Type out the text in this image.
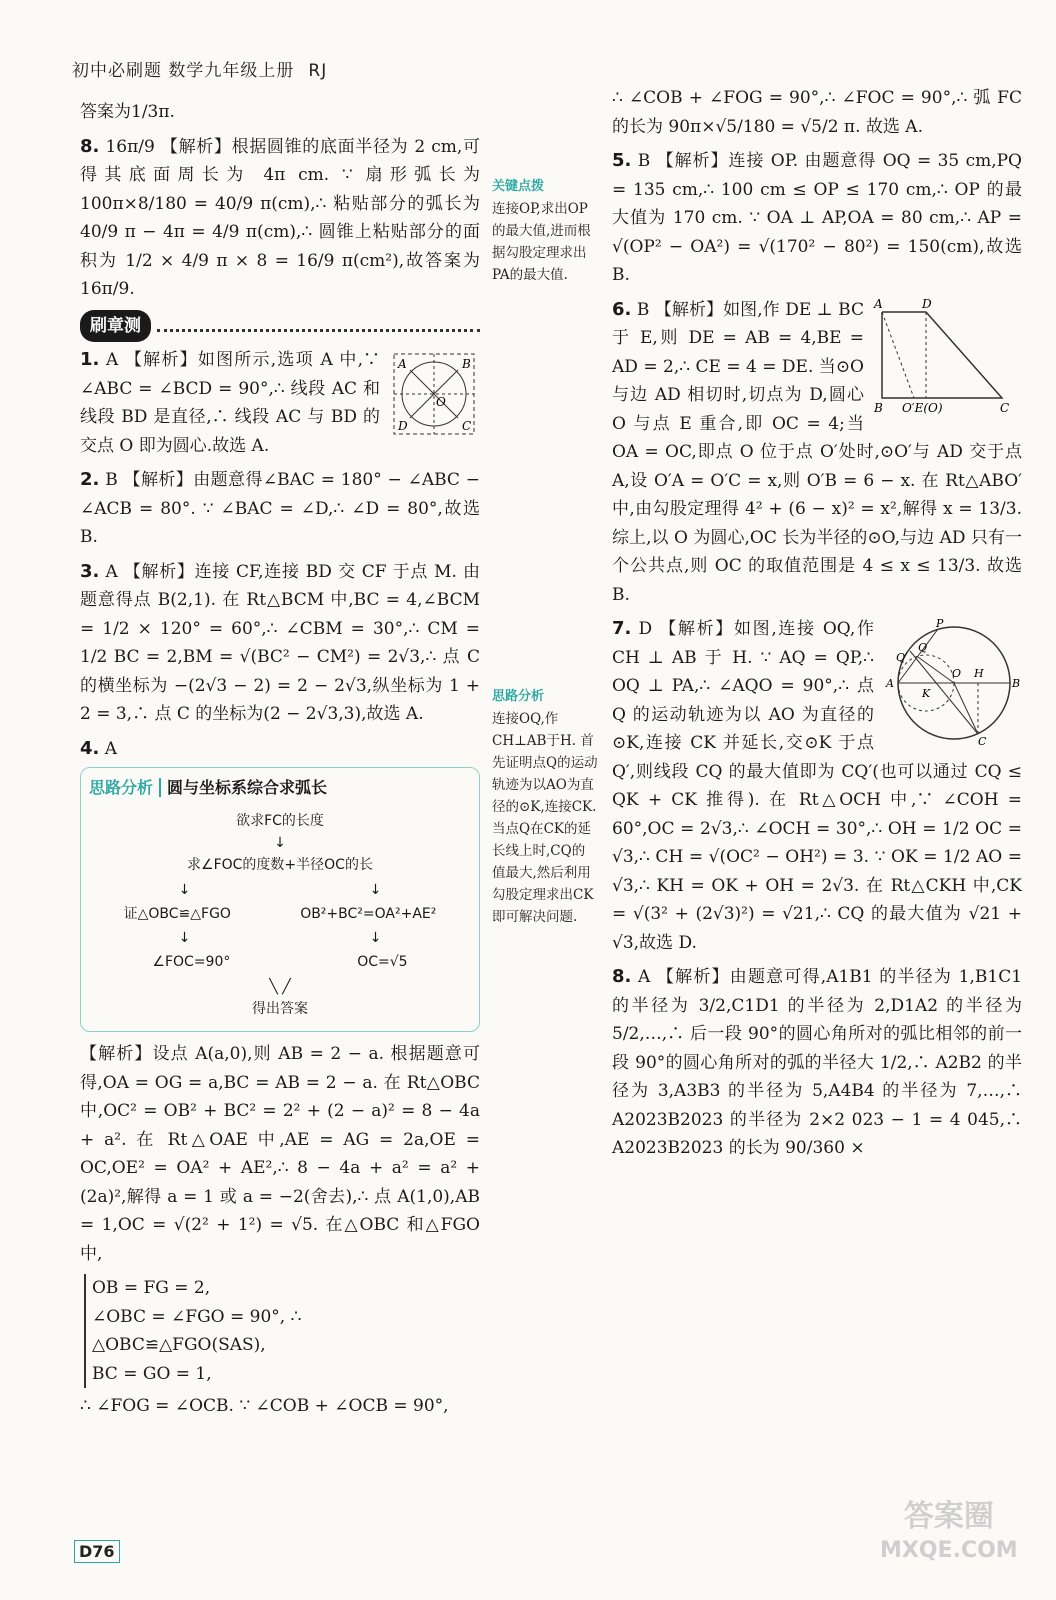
初中必刷题 数学九年级上册 RJ

答案为1/3π.

8. 16π/9 【解析】根据圆锥的底面半径为 2 cm,可得其底面周长为 4π cm. ∵ 扇形弧长为 100π×8/180 = 40/9 π(cm),∴ 粘贴部分的弧长为 40/9 π − 4π = 4/9 π(cm),∴ 圆锥上粘贴部分的面积为 1/2 × 4/9 π × 8 = 16/9 π(cm²),故答案为 16π/9.

刷章测
A	B
O
D	C
1. A 【解析】如图所示,选项 A 中,∵ ∠ABC = ∠BCD = 90°,∴ 线段 AC 和线段 BD 是直径,∴ 线段 AC 与 BD 的交点 O 即为圆心.故选 A.

2. B 【解析】由题意得∠BAC = 180° − ∠ABC − ∠ACB = 80°. ∵ ∠BAC = ∠D,∴ ∠D = 80°,故选 B.

3. A 【解析】连接 CF,连接 BD 交 CF 于点 M. 由题意得点 B(2,1). 在 Rt△BCM 中,BC = 4,∠BCM = 1/2 × 120° = 60°,∴ ∠CBM = 30°,∴ CM = 1/2 BC = 2,BM = √(BC² − CM²) = 2√3,∴ 点 C 的横坐标为 −(2√3 − 2) = 2 − 2√3,纵坐标为 1 + 2 = 3,∴ 点 C 的坐标为(2 − 2√3,3),故选 A.

4. A

思路分析 圆与坐标系综合求弧长
欲求FC的长度
↓
求∠FOC的度数+半径OC的长
↓	↓
证△OBC≌△FGO	OB²+BC²=OA²+AE²
↓	↓
∠FOC=90°	OC=√5
╲ ╱
得出答案

【解析】设点 A(a,0),则 AB = 2 − a. 根据题意可得,OA = OG = a,BC = AB = 2 − a. 在 Rt△OBC 中,OC² = OB² + BC² = 2² + (2 − a)² = 8 − 4a + a². 在 Rt△OAE 中,AE = AG = 2a,OE = OC,OE² = OA² + AE²,∴ 8 − 4a + a² = a² + (2a)²,解得 a = 1 或 a = −2(舍去),∴ 点 A(1,0),AB = 1,OC = √(2² + 1²) = √5. 在△OBC 和△FGO 中,

OB = FG = 2,
∠OBC = ∠FGO = 90°, ∴ △OBC≌△FGO(SAS),
BC = GO = 1,

∴ ∠FOG = ∠OCB. ∵ ∠COB + ∠OCB = 90°,

关键点拨
连接OP,求出OP的最大值,进而根据勾股定理求出PA的最大值.
思路分析
连接OQ,作CH⊥AB于H. 首先证明点Q的运动轨迹为以AO为直径的⊙K,连接CK. 当点Q在CK的延长线上时,CQ的值最大,然后利用勾股定理求出CK即可解决问题.

∴ ∠COB + ∠FOG = 90°,∴ ∠FOC = 90°,∴ 弧 FC 的长为 90π×√5/180 = √5/2 π. 故选 A.

5. B 【解析】连接 OP. 由题意得 OQ = 35 cm,PQ = 135 cm,∴ 100 cm ≤ OP ≤ 170 cm,∴ OP 的最大值为 170 cm. ∵ OA ⊥ AP,OA = 80 cm,∴ AP = √(OP² − OA²) = √(170² − 80²) = 150(cm),故选 B.

A	D
B O′E(O)	C
6. B 【解析】如图,作 DE ⊥ BC 于 E,则 DE = AB = 4,BE = AD = 2,∴ CE = 4 = DE. 当⊙O 与边 AD 相切时,切点为 D,圆心 O 与点 E 重合,即 OC = 4;当 OA = OC,即点 O 位于点 O′处时,⊙O′与 AD 交于点 A,设 O′A = O′C = x,则 O′B = 6 − x. 在 Rt△ABO′中,由勾股定理得 4² + (6 − x)² = x²,解得 x = 13/3. 综上,以 O 为圆心,OC 长为半径的⊙O,与边 AD 只有一个公共点,则 OC 的取值范围是 4 ≤ x ≤ 13/3. 故选 B.
P
Q
Q′
A
K
O H
B
C
7. D 【解析】如图,连接 OQ,作 CH ⊥ AB 于 H. ∵ AQ = QP,∴ OQ ⊥ PA,∴ ∠AQO = 90°,∴ 点 Q 的运动轨迹为以 AO 为直径的⊙K,连接 CK 并延长,交⊙K 于点 Q′,则线段 CQ 的最大值即为 CQ′(也可以通过 CQ ≤ QK + CK 推得). 在 Rt△OCH 中,∵ ∠COH = 60°,OC = 2√3,∴ ∠OCH = 30°,∴ OH = 1/2 OC = √3,∴ CH = √(OC² − OH²) = 3. ∵ OK = 1/2 AO = √3,∴ KH = OK + OH = 2√3. 在 Rt△CKH 中,CK = √(3² + (2√3)²) = √21,∴ CQ 的最大值为 √21 + √3,故选 D.

8. A 【解析】由题意可得,A1B1 的半径为 1,B1C1 的半径为 3/2,C1D1 的半径为 2,D1A2 的半径为 5/2,…,∴ 后一段 90°的圆心角所对的弧比相邻的前一段 90°的圆心角所对的弧的半径大 1/2,∴ A2B2 的半径为 3,A3B3 的半径为 5,A4B4 的半径为 7,…,∴ A2023B2023 的半径为 2×2 023 − 1 = 4 045,∴ A2023B2023 的长为 90/360 ×

D76
答案圈
MXQE.COM
